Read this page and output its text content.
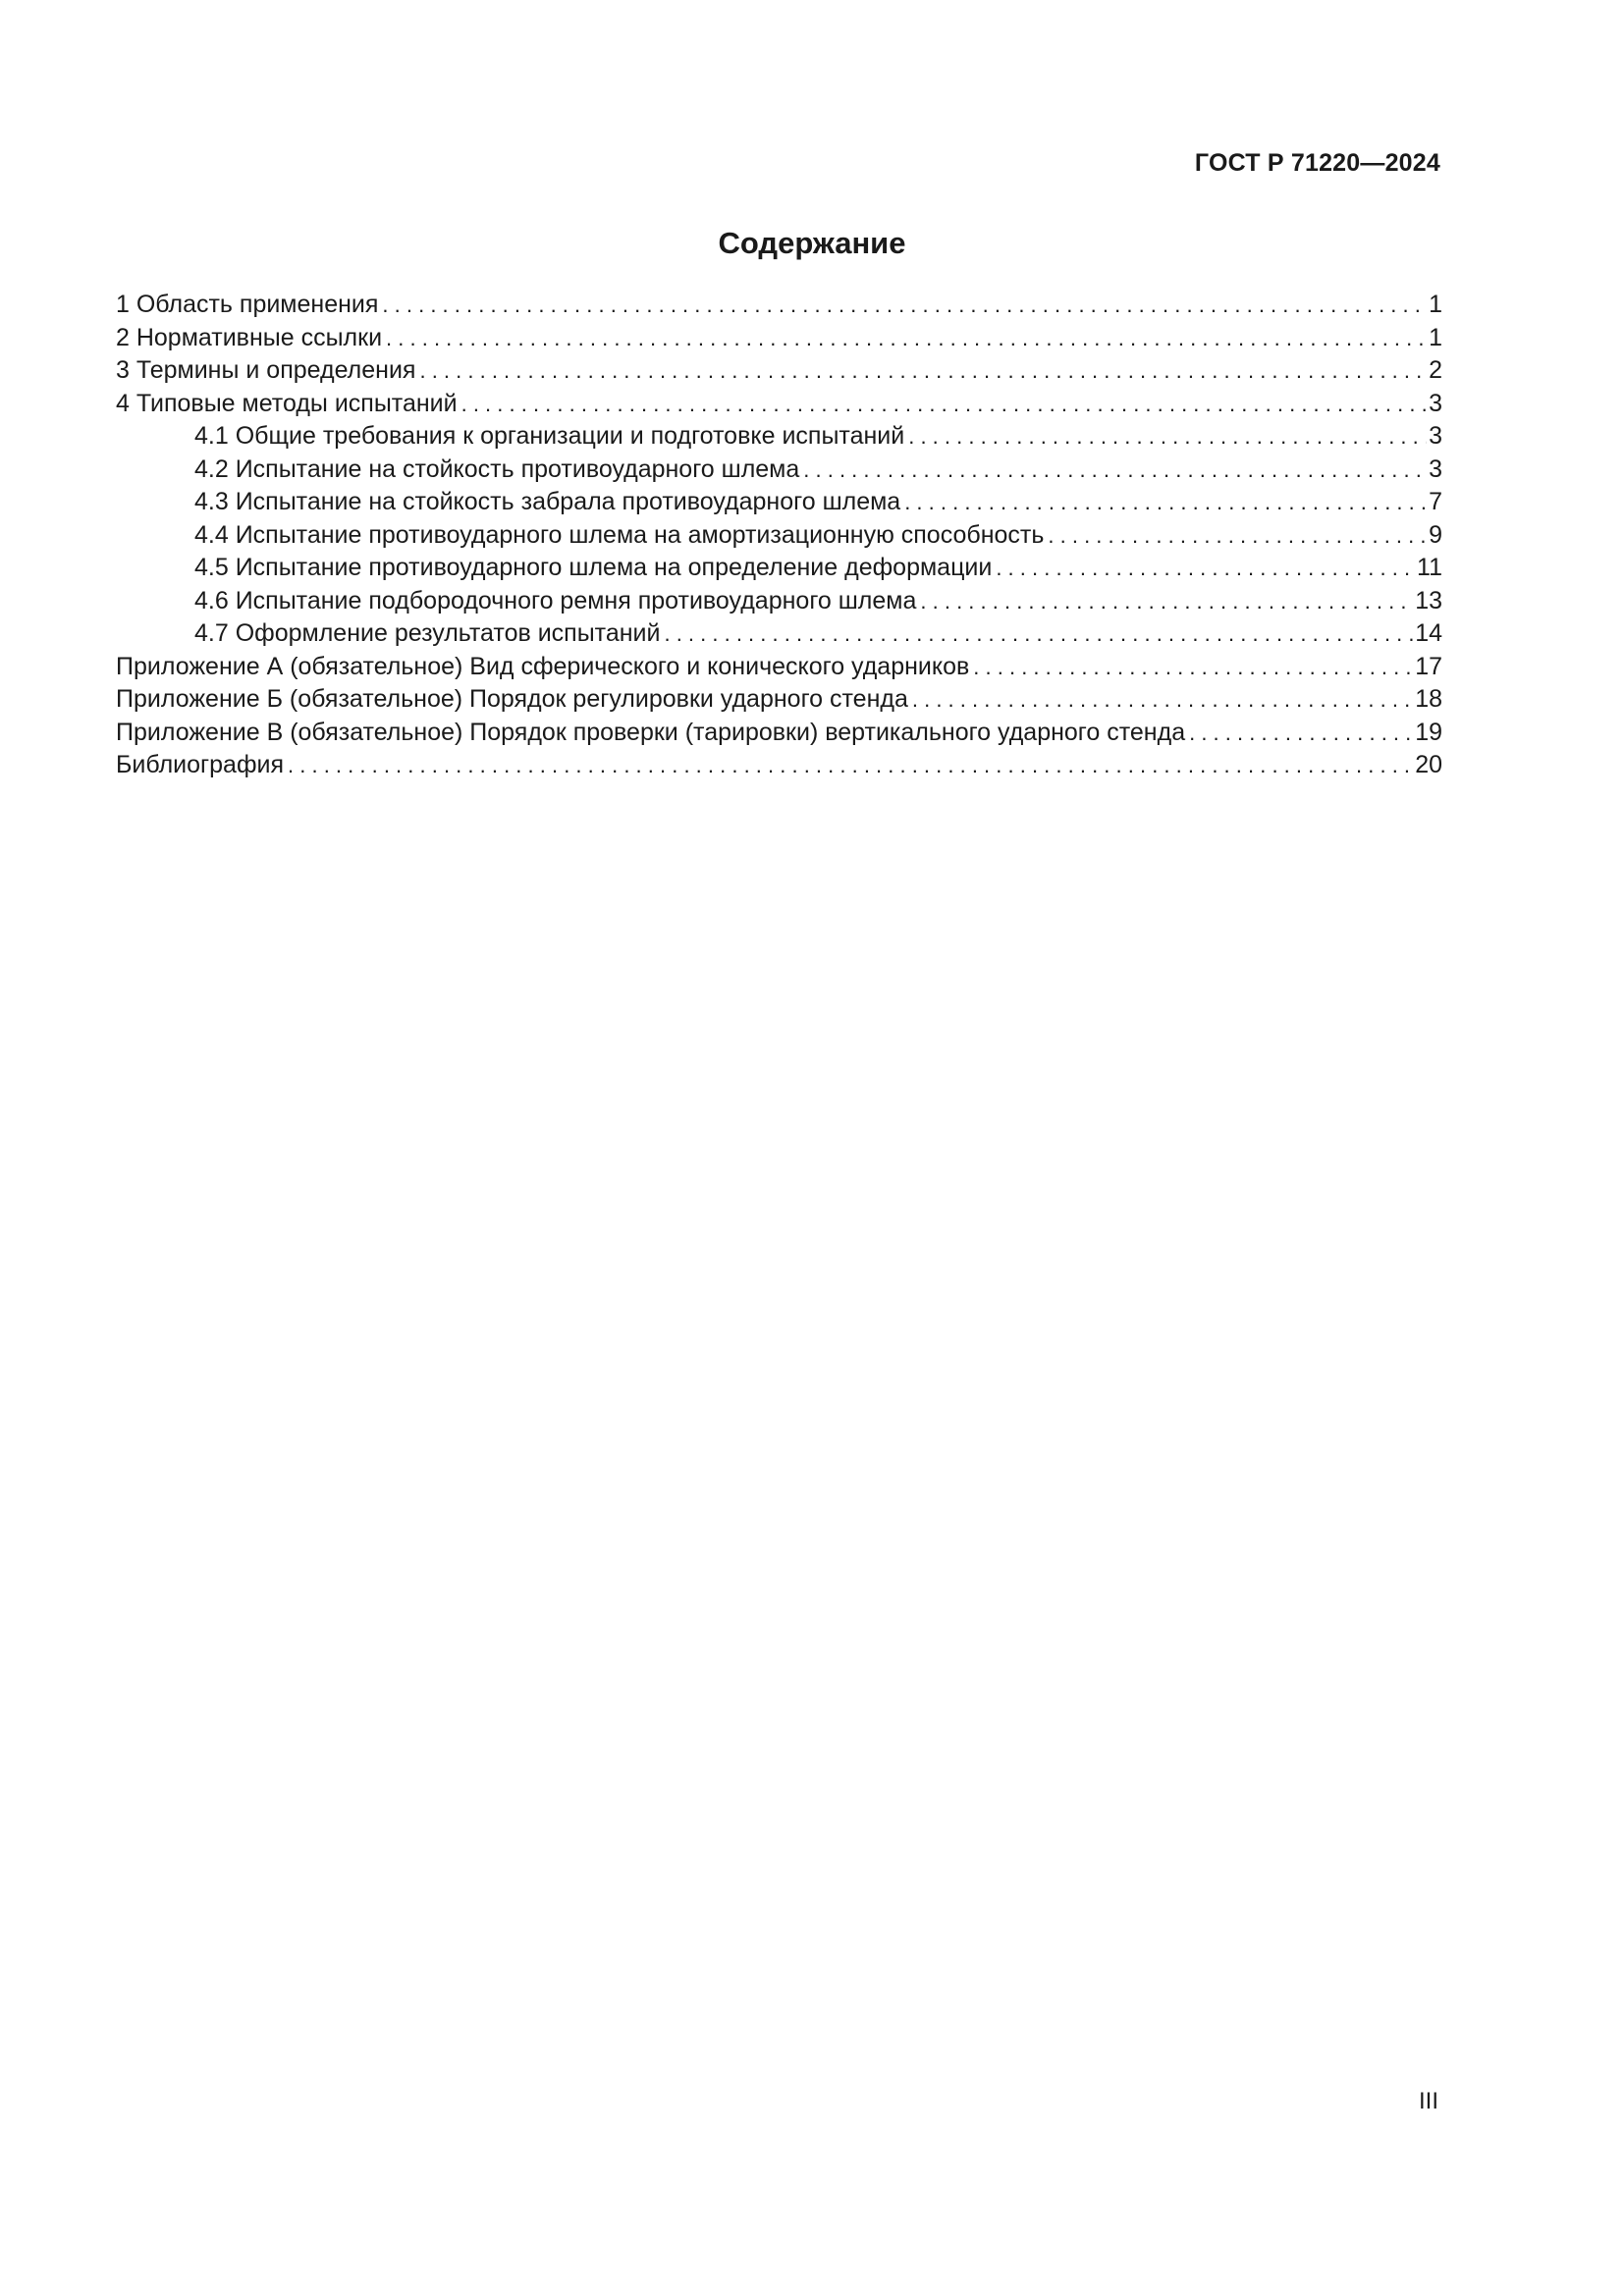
ГОСТ Р 71220—2024
Содержание
1 Область применения . . .	1
2 Нормативные ссылки . . .	1
3 Термины и определения . . .	2
4 Типовые методы испытаний . . .	3
4.1 Общие требования к организации и подготовке испытаний . . .	3
4.2 Испытание на стойкость противоударного шлема . . .	3
4.3 Испытание на стойкость забрала противоударного шлема . . .	7
4.4 Испытание противоударного шлема на амортизационную способность . . .	9
4.5 Испытание противоударного шлема на определение деформации . . .	11
4.6 Испытание подбородочного ремня противоударного шлема . . .	13
4.7 Оформление результатов испытаний . . .	14
Приложение А (обязательное) Вид сферического и конического ударников . . .	17
Приложение Б (обязательное) Порядок регулировки ударного стенда . . .	18
Приложение В (обязательное) Порядок проверки (тарировки) вертикального ударного стенда . . .	19
Библиография . . .	20
III
